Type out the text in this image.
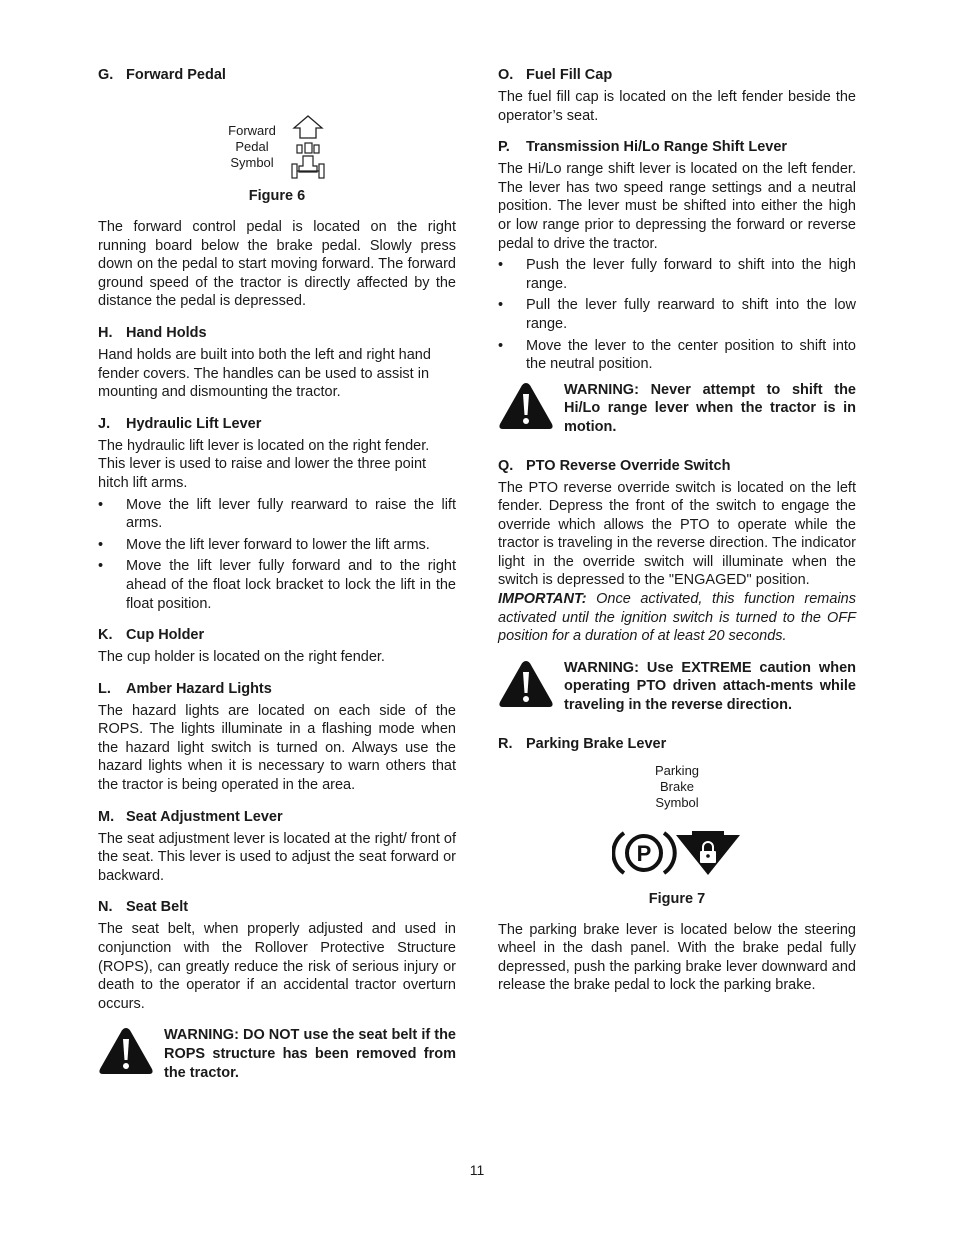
G. Forward Pedal
Forward
Pedal
Symbol
Figure 6

The forward control pedal is located on the right running board below the brake pedal. Slowly press down on the pedal to start moving forward. The forward ground speed of the tractor is directly affected by the distance the pedal is depressed.

H. Hand Holds

Hand holds are built into both the left and right hand fender covers. The handles can be used to assist in mounting and dismounting the tractor.

J. Hydraulic Lift Lever

The hydraulic lift lever is located on the right fender. This lever is used to raise and lower the three point hitch lift arms.

• Move the lift lever fully rearward to raise the lift arms.
• Move the lift lever forward to lower the lift arms.
• Move the lift lever fully forward and to the right ahead of the float lock bracket to lock the lift in the float position.
K. Cup Holder

The cup holder is located on the right fender.

L. Amber Hazard Lights

The hazard lights are located on each side of the ROPS. The lights illuminate in a flashing mode when the hazard light switch is turned on. Always use the hazard lights when it is necessary to warn others that the tractor is being operated in the area.

M. Seat Adjustment Lever

The seat adjustment lever is located at the right/ front of the seat. This lever is used to adjust the seat forward or backward.

N. Seat Belt

The seat belt, when properly adjusted and used in conjunction with the Rollover Protective Structure (ROPS), can greatly reduce the risk of serious injury or death to the operator if an accidental tractor overturn occurs.

WARNING: DO NOT use the seat belt if the ROPS structure has been removed from the tractor.
O. Fuel Fill Cap

The fuel fill cap is located on the left fender beside the operator’s seat.

P. Transmission Hi/Lo Range Shift Lever

The Hi/Lo range shift lever is located on the left fender. The lever has two speed range settings and a neutral position. The lever must be shifted into either the high or low range prior to depressing the forward or reverse pedal to drive the tractor.

• Push the lever fully forward to shift into the high range.
• Pull the lever fully rearward to shift into the low range.
• Move the lever to the center position to shift into the neutral position.
WARNING: Never attempt to shift the Hi/Lo range lever when the tractor is in motion.
Q. PTO Reverse Override Switch

The PTO reverse override switch is located on the left fender. Depress the front of the switch to engage the override which allows the PTO to operate while the tractor is traveling in the reverse direction. The indicator light in the override switch will illuminate when the switch is depressed to the "ENGAGED" position.

IMPORTANT: Once activated, this function remains activated until the ignition switch is turned to the OFF position for a duration of at least 20 seconds.

WARNING: Use EXTREME caution when operating PTO driven attach-ments while traveling in the reverse direction.
R. Parking Brake Lever
Parking
Brake
Symbol
P
Figure 7

The parking brake lever is located below the steering wheel in the dash panel. With the brake pedal fully depressed, push the parking brake lever downward and release the brake pedal to lock the parking brake.

11
